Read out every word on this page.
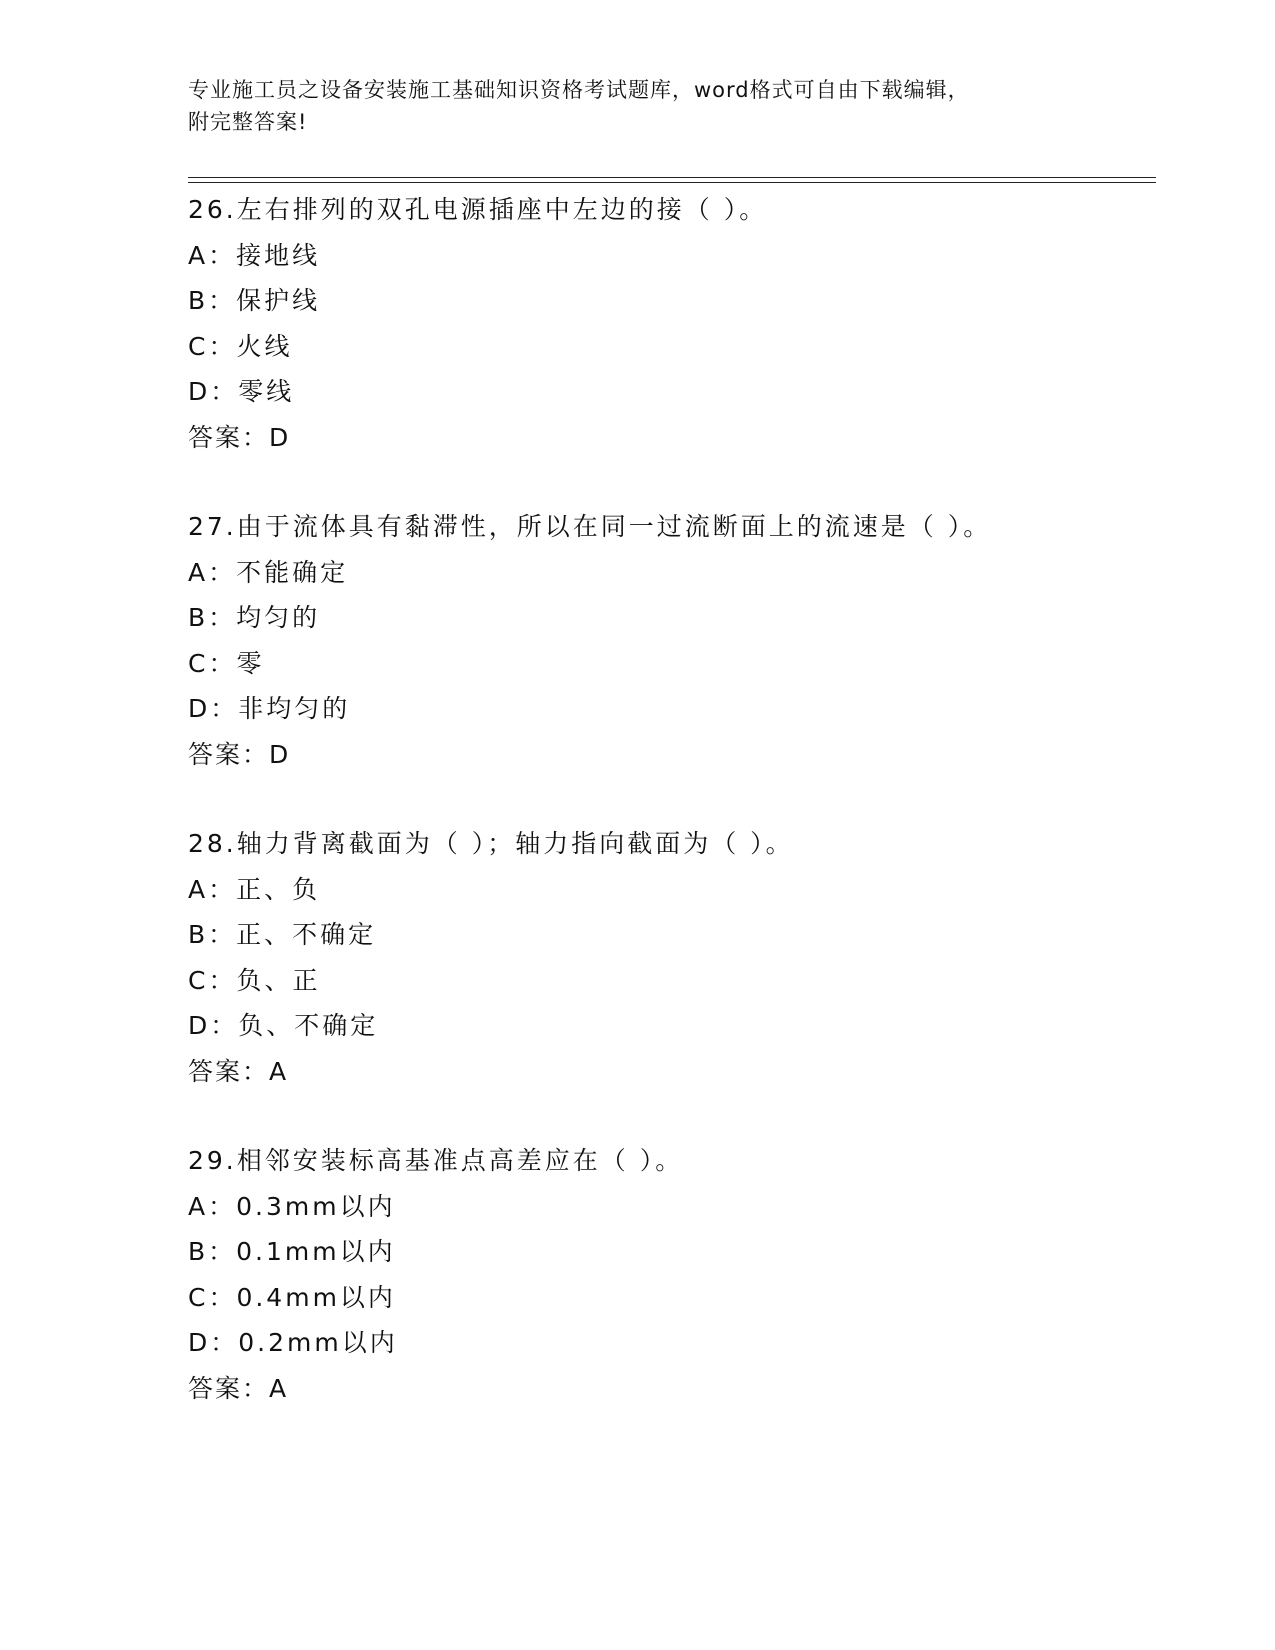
专业施工员之设备安装施工基础知识资格考试题库，word格式可自由下载编辑，
附完整答案!
26.左右排列的双孔电源插座中左边的接（ ）。
A：接地线
B：保护线
C：火线
D：零线
答案：D
27.由于流体具有黏滞性，所以在同一过流断面上的流速是（ ）。
A：不能确定
B：均匀的
C：零
D：非均匀的
答案：D
28.轴力背离截面为（ ）；轴力指向截面为（ ）。
A：正、负
B：正、不确定
C：负、正
D：负、不确定
答案：A
29.相邻安装标高基准点高差应在（ ）。
A：0.3mm以内
B：0.1mm以内
C：0.4mm以内
D：0.2mm以内
答案：A
